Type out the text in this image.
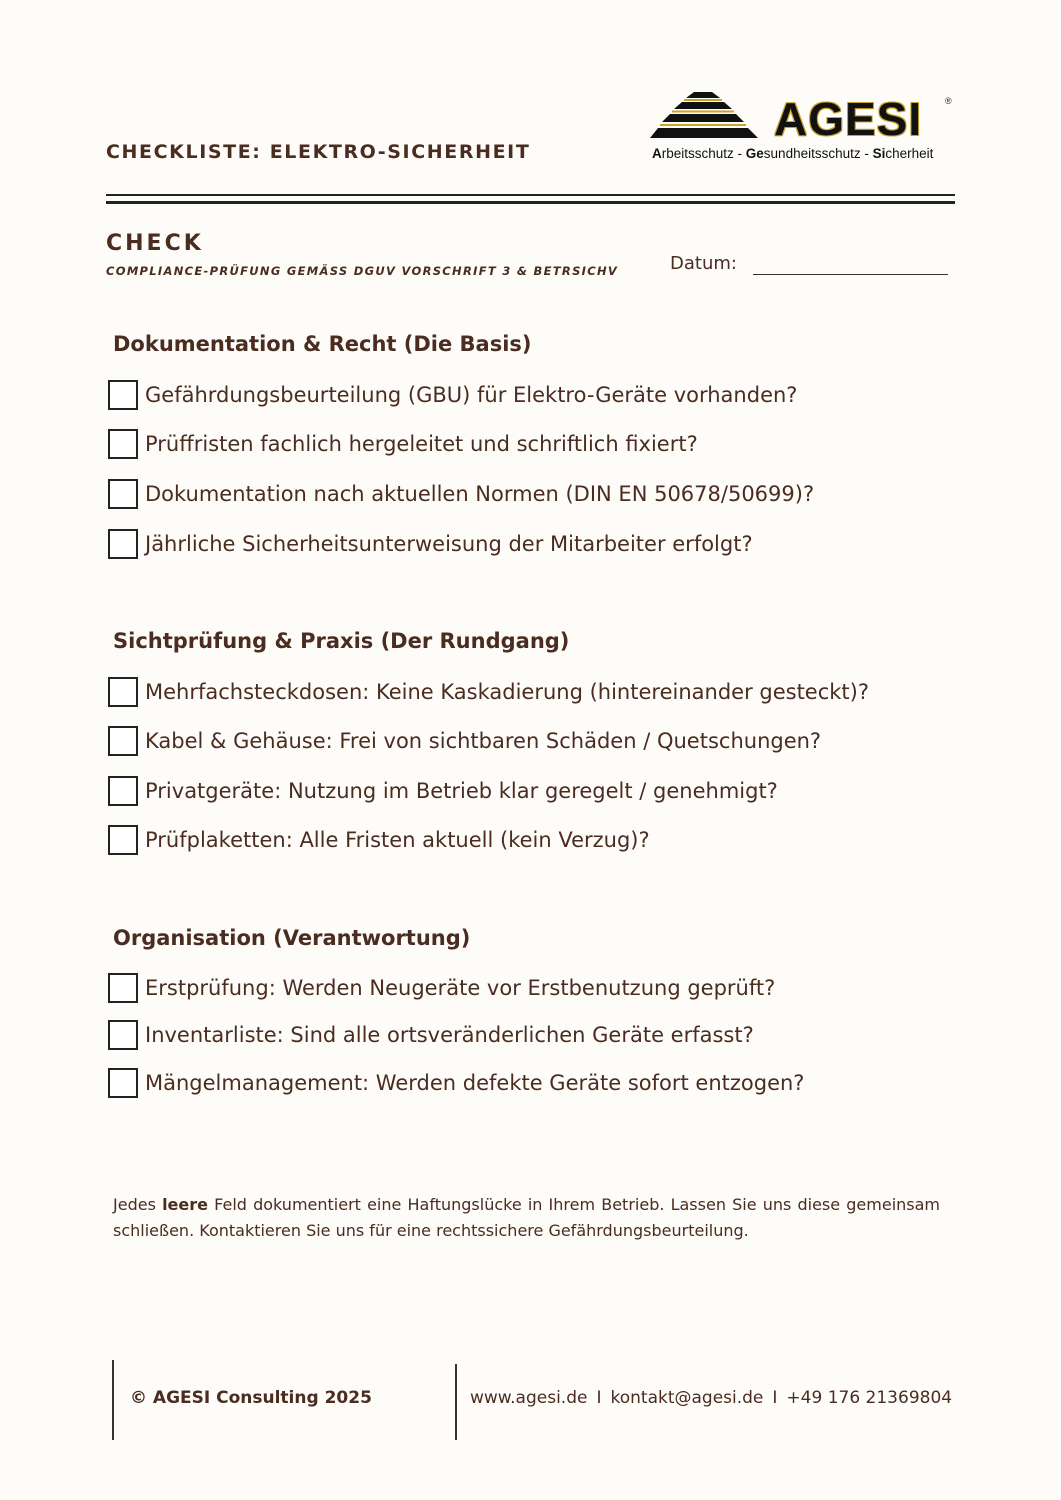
CHECKLISTE: ELEKTRO-SICHERHEIT
AGESI	®
Arbeitsschutz - Gesundheitsschutz - Sicherheit
CHECK
COMPLIANCE-PRÜFUNG GEMÄSS DGUV VORSCHRIFT 3 & BETRSICHV	Datum:
Dokumentation & Recht (Die Basis)
Gefährdungsbeurteilung (GBU) für Elektro-Geräte vorhanden?
Prüffristen fachlich hergeleitet und schriftlich fixiert?
Dokumentation nach aktuellen Normen (DIN EN 50678/50699)?
Jährliche Sicherheitsunterweisung der Mitarbeiter erfolgt?
Sichtprüfung & Praxis (Der Rundgang)
Mehrfachsteckdosen: Keine Kaskadierung (hintereinander gesteckt)?
Kabel & Gehäuse: Frei von sichtbaren Schäden / Quetschungen?
Privatgeräte: Nutzung im Betrieb klar geregelt / genehmigt?
Prüfplaketten: Alle Fristen aktuell (kein Verzug)?
Organisation (Verantwortung)
Erstprüfung: Werden Neugeräte vor Erstbenutzung geprüft?
Inventarliste: Sind alle ortsveränderlichen Geräte erfasst?
Mängelmanagement: Werden defekte Geräte sofort entzogen?
Jedes leere Feld dokumentiert eine Haftungslücke in Ihrem Betrieb. Lassen Sie uns diese gemeinsam schließen. Kontaktieren Sie uns für eine rechtssichere Gefährdungsbeurteilung.
© AGESI Consulting 2025	www.agesi.de I kontakt@agesi.de I +49 176 21369804
